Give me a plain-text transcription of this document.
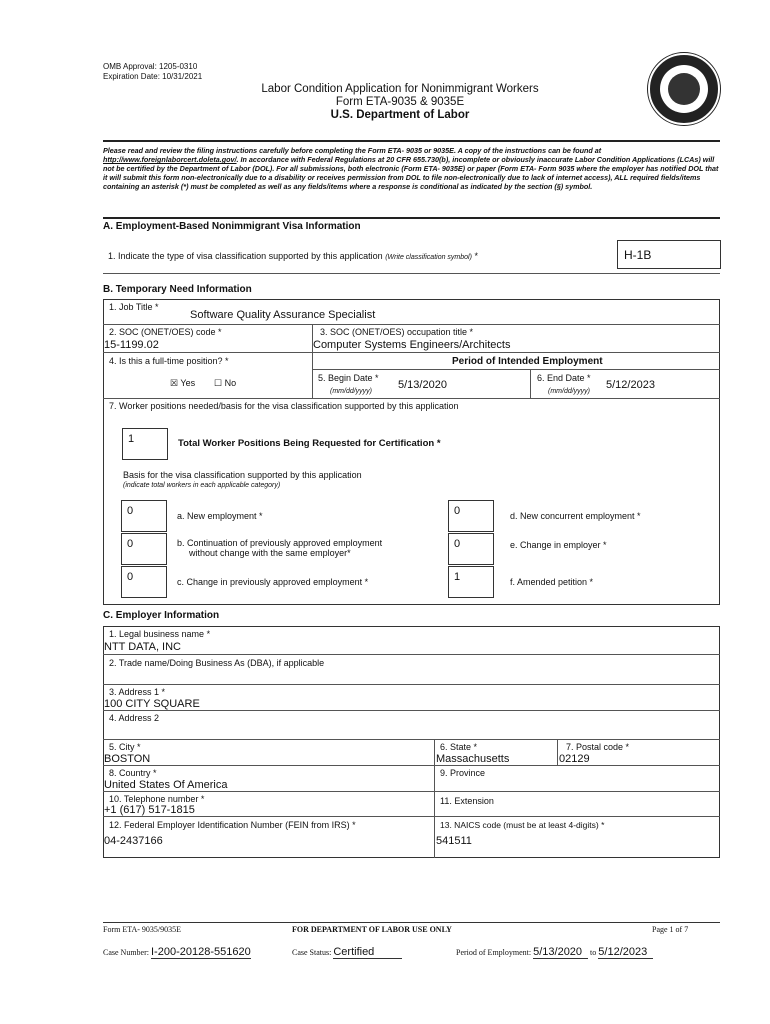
OMB Approval: 1205-0310
Expiration Date: 10/31/2021
Labor Condition Application for Nonimmigrant Workers
Form ETA-9035 & 9035E
U.S. Department of Labor
Please read and review the filing instructions carefully before completing the Form ETA- 9035 or 9035E. A copy of the instructions can be found at http://www.foreignlaborcert.doleta.gov/. In accordance with Federal Regulations at 20 CFR 655.730(b), incomplete or obviously inaccurate Labor Condition Applications (LCAs) will not be certified by the Department of Labor (DOL). For all submissions, both electronic (Form ETA- 9035E) or paper (Form ETA- Form 9035 where the employer has notified DOL that it will submit this form non-electronically due to a disability or receives permission from DOL to file non-electronically due to lack of internet access), ALL required fields/items containing an asterisk (*) must be completed as well as any fields/items where a response is conditional as indicated by the section (§) symbol.
A. Employment-Based Nonimmigrant Visa Information
1. Indicate the type of visa classification supported by this application (Write classification symbol) *	H-1B
B. Temporary Need Information
1. Job Title *
Software Quality Assurance Specialist
2. SOC (ONET/OES) code *
15-1199.02
3. SOC (ONET/OES) occupation title *
Computer Systems Engineers/Architects
4. Is this a full-time position? *
☒ Yes ☐ No
Period of Intended Employment
5. Begin Date *
5/13/2020
(mm/dd/yyyy)
6. End Date *
5/12/2023
(mm/dd/yyyy)
7. Worker positions needed/basis for the visa classification supported by this application
1	Total Worker Positions Being Requested for Certification *
Basis for the visa classification supported by this application
(indicate total workers in each applicable category)
0	a. New employment *
0	b. Continuation of previously approved employment
without change with the same employer*
0	c. Change in previously approved employment *
0	d. New concurrent employment *
0	e. Change in employer *
1	f. Amended petition *
C. Employer Information
1. Legal business name *
NTT DATA, INC
2. Trade name/Doing Business As (DBA), if applicable
3. Address 1 *
100 CITY SQUARE
4. Address 2
5. City *
BOSTON
6. State *
Massachusetts
7. Postal code *
02129
8. Country *
United States Of America
9. Province
10. Telephone number *
+1 (617) 517-1815
11. Extension
12. Federal Employer Identification Number (FEIN from IRS) *
04-2437166
13. NAICS code (must be at least 4-digits) *
541511
Form ETA- 9035/9035E	FOR DEPARTMENT OF LABOR USE ONLY	Page 1 of 7
Case Number: I-200-20128-551620	Case Status: Certified	Period of Employment: 5/13/2020 to 5/12/2023
